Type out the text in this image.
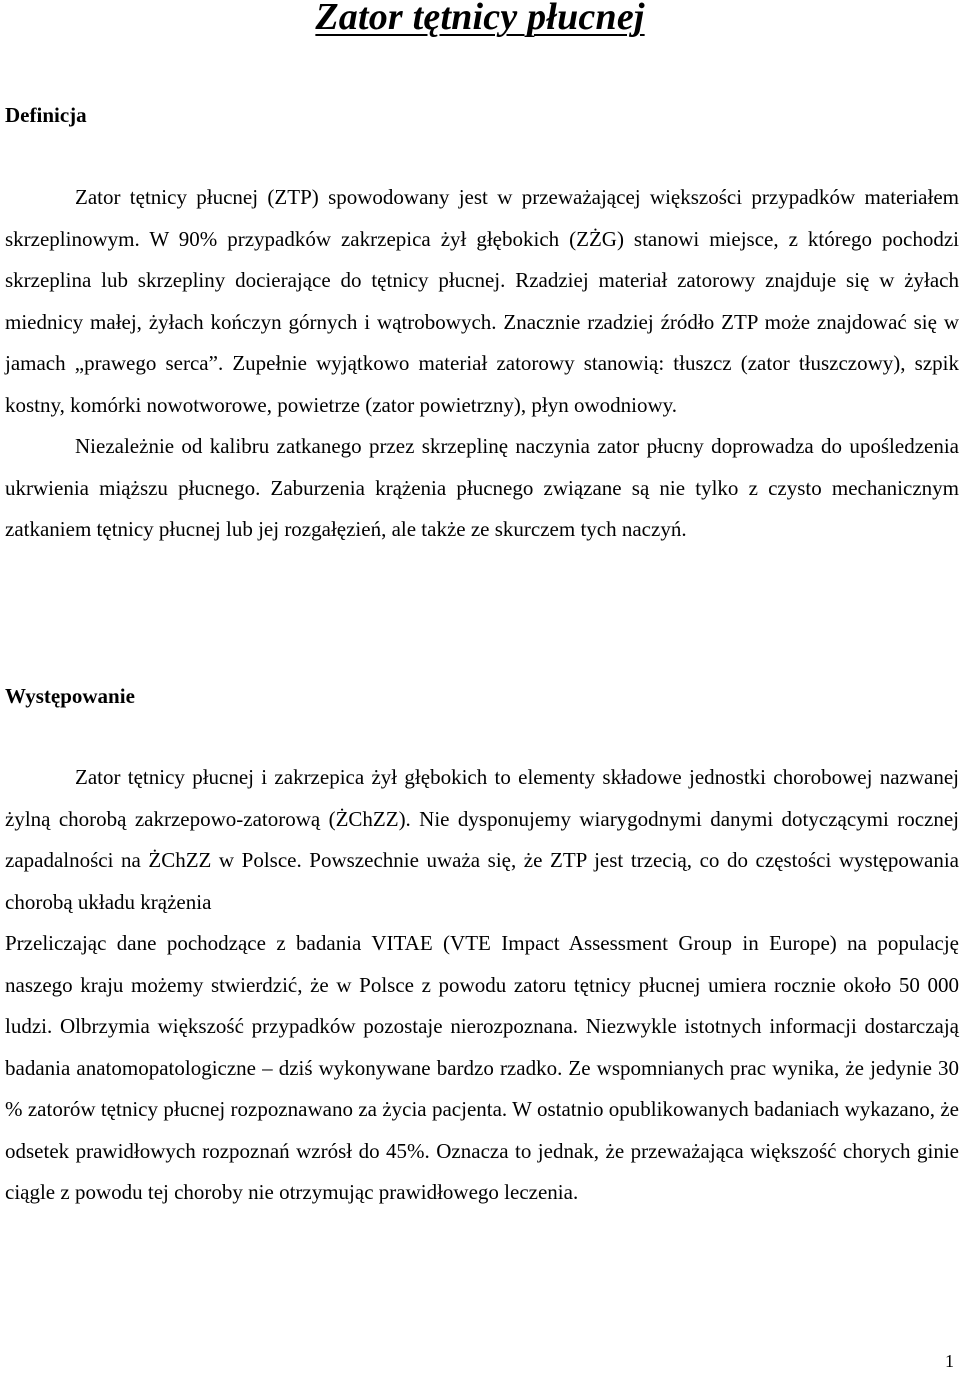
Zator tętnicy płucnej
Definicja

Zator tętnicy płucnej (ZTP) spowodowany jest w przeważającej większości przypadków materiałem skrzeplinowym. W 90% przypadków zakrzepica żył głębokich (ZŻG) stanowi miejsce, z którego pochodzi skrzeplina lub skrzepliny docierające do tętnicy płucnej. Rzadziej materiał zatorowy znajduje się w żyłach miednicy małej, żyłach kończyn górnych i wątrobowych. Znacznie rzadziej źródło ZTP może znajdować się w jamach „prawego serca”. Zupełnie wyjątkowo materiał zatorowy stanowią: tłuszcz (zator tłuszczowy), szpik kostny, komórki nowotworowe, powietrze (zator powietrzny), płyn owodniowy.

Niezależnie od kalibru zatkanego przez skrzeplinę naczynia zator płucny doprowadza do upośledzenia ukrwienia miąższu płucnego. Zaburzenia krążenia płucnego związane są nie tylko z czysto mechanicznym zatkaniem tętnicy płucnej lub jej rozgałęzień, ale także ze skurczem tych naczyń.

Występowanie

Zator tętnicy płucnej i zakrzepica żył głębokich to elementy składowe jednostki chorobowej nazwanej żylną chorobą zakrzepowo-zatorową (ŻChZZ). Nie dysponujemy wiarygodnymi danymi dotyczącymi rocznej zapadalności na ŻChZZ w Polsce. Powszechnie uważa się, że ZTP jest trzecią, co do częstości występowania chorobą układu krążenia

Przeliczając dane pochodzące z badania VITAE (VTE Impact Assessment Group in Europe) na populację naszego kraju możemy stwierdzić, że w Polsce z powodu zatoru tętnicy płucnej umiera rocznie około 50 000 ludzi. Olbrzymia większość przypadków pozostaje nierozpoznana. Niezwykle istotnych informacji dostarczają badania anatomopatologiczne – dziś wykonywane bardzo rzadko. Ze wspomnianych prac wynika, że jedynie 30 % zatorów tętnicy płucnej rozpoznawano za życia pacjenta. W ostatnio opublikowanych badaniach wykazano, że odsetek prawidłowych rozpoznań wzrósł do 45%. Oznacza to jednak, że przeważająca większość chorych ginie ciągle z powodu tej choroby nie otrzymując prawidłowego leczenia.

1
